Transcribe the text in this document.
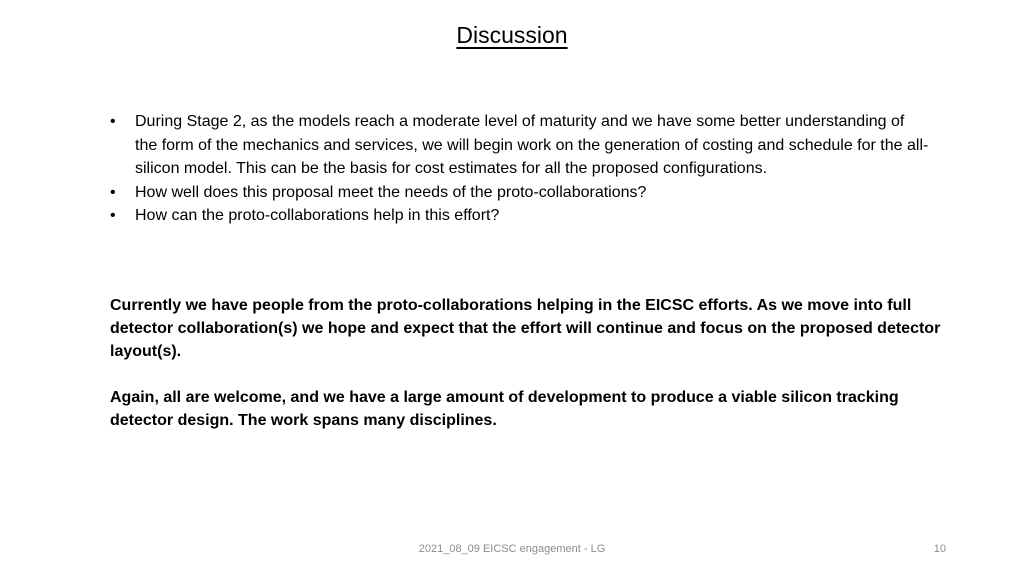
Discussion
• During Stage 2, as the models reach a moderate level of maturity and we have some better understanding of the form of the mechanics and services, we will begin work on the generation of costing and schedule for the all-silicon model. This can be the basis for cost estimates for all the proposed configurations.
• How well does this proposal meet the needs of the proto-collaborations?
• How can the proto-collaborations help in this effort?

Currently we have people from the proto-collaborations helping in the EICSC efforts. As we move into full detector collaboration(s) we hope and expect that the effort will continue and focus on the proposed detector layout(s).

Again, all are welcome, and we have a large amount of development to produce a viable silicon tracking detector design. The work spans many disciplines.

2021_08_09 EICSC engagement - LG	10
